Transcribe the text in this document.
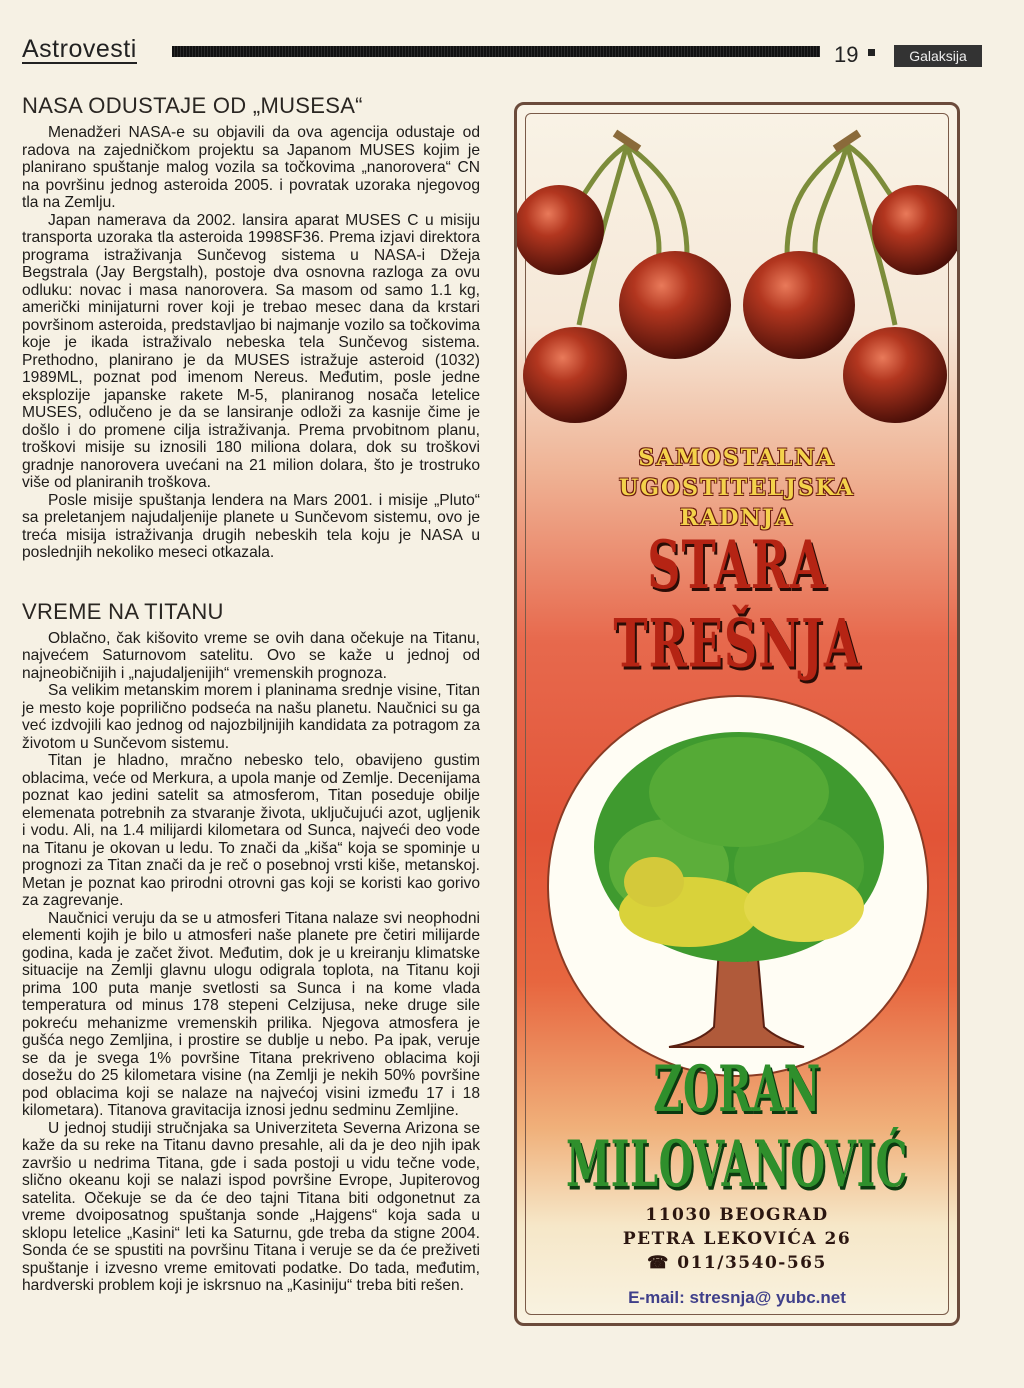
Astrovesti	19	Galaksija
NASA ODUSTAJE OD „MUSESA“

Menadžeri NASA-e su objavili da ova agencija odustaje od radova na zajedničkom projektu sa Japanom MUSES kojim je planirano spuštanje malog vozila sa točkovima „nanorovera“ CN na površinu jednog asteroida 2005. i povratak uzoraka njegovog tla na Zemlju.

Japan namerava da 2002. lansira aparat MUSES C u misiju transporta uzoraka tla asteroida 1998SF36. Prema izjavi direktora programa istraživanja Sunčevog sistema u NASA-i Džeja Begstrala (Jay Bergstalh), postoje dva osnovna razloga za ovu odluku: novac i masa nanorovera. Sa masom od samo 1.1 kg, američki minijaturni rover koji je trebao mesec dana da krstari površinom asteroida, predstavljao bi najmanje vozilo sa točkovima koje je ikada istraživalo nebeska tela Sunčevog sistema. Prethodno, planirano je da MUSES istražuje asteroid (1032) 1989ML, poznat pod imenom Nereus. Međutim, posle jedne eksplozije japanske rakete M-5, planiranog nosača letelice MUSES, odlučeno je da se lansiranje odloži za kasnije čime je došlo i do promene cilja istraživanja. Prema prvobitnom planu, troškovi misije su iznosili 180 miliona dolara, dok su troškovi gradnje nanorovera uvećani na 21 milion dolara, što je trostruko više od planiranih troškova.

Posle misije spuštanja lendera na Mars 2001. i misije „Pluto“ sa preletanjem najudaljenije planete u Sunčevom sistemu, ovo je treća misija istraživanja drugih nebeskih tela koju je NASA u poslednjih nekoliko meseci otkazala.

VREME NA TITANU

Oblačno, čak kišovito vreme se ovih dana očekuje na Titanu, najvećem Saturnovom satelitu. Ovo se kaže u jednoj od najneobičnijih i „najudaljenijih“ vremenskih prognoza.

Sa velikim metanskim morem i planinama srednje visine, Titan je mesto koje poprilično podseća na našu planetu. Naučnici su ga već izdvojili kao jednog od najozbiljnijih kandidata za potragom za životom u Sunčevom sistemu.

Titan je hladno, mračno nebesko telo, obavijeno gustim oblacima, veće od Merkura, a upola manje od Zemlje. Decenijama poznat kao jedini satelit sa atmosferom, Titan poseduje obilje elemenata potrebnih za stvaranje života, uključujući azot, ugljenik i vodu. Ali, na 1.4 milijardi kilometara od Sunca, najveći deo vode na Titanu je okovan u ledu. To znači da „kiša“ koja se spominje u prognozi za Titan znači da je reč o posebnoj vrsti kiše, metanskoj. Metan je poznat kao prirodni otrovni gas koji se koristi kao gorivo za zagrevanje.

Naučnici veruju da se u atmosferi Titana nalaze svi neophodni elementi kojih je bilo u atmosferi naše planete pre četiri milijarde godina, kada je začet život. Međutim, dok je u kreiranju klimatske situacije na Zemlji glavnu ulogu odigrala toplota, na Titanu koji prima 100 puta manje svetlosti sa Sunca i na kome vlada temperatura od minus 178 stepeni Celzijusa, neke druge sile pokreću mehanizme vremenskih prilika. Njegova atmosfera je gušća nego Zemljina, i prostire se dublje u nebo. Pa ipak, veruje se da je svega 1% površine Titana prekriveno oblacima koji dosežu do 25 kilometara visine (na Zemlji je nekih 50% površine pod oblacima koji se nalaze na najvećoj visini između 17 i 18 kilometara). Titanova gravitacija iznosi jednu sedminu Zemljine.

U jednoj studiji stručnjaka sa Univerziteta Severna Arizona se kaže da su reke na Titanu davno presahle, ali da je deo njih ipak završio u nedrima Titana, gde i sada postoji u vidu tečne vode, slično okeanu koji se nalazi ispod površine Evrope, Jupiterovog satelita. Očekuje se da će deo tajni Titana biti odgonetnut za vreme dvoiposatnog spuštanja sonde „Hajgens“ koja sada u sklopu letelice „Kasini“ leti ka Saturnu, gde treba da stigne 2004. Sonda će se spustiti na površinu Titana i veruje se da će preživeti spuštanje i izvesno vreme emitovati podatke. Do tada, međutim, hardverski problem koji je iskrsnuo na „Kasiniju“ treba biti rešen.

SAMOSTALNA
UGOSTITELJSKA
RADNJA
STARA TREŠNJA
ZORAN MILOVANOVIĆ
11030 BEOGRAD
PETRA LEKOVIĆA 26
☎ 011/3540-565
E-mail: stresnja@ yubc.net
